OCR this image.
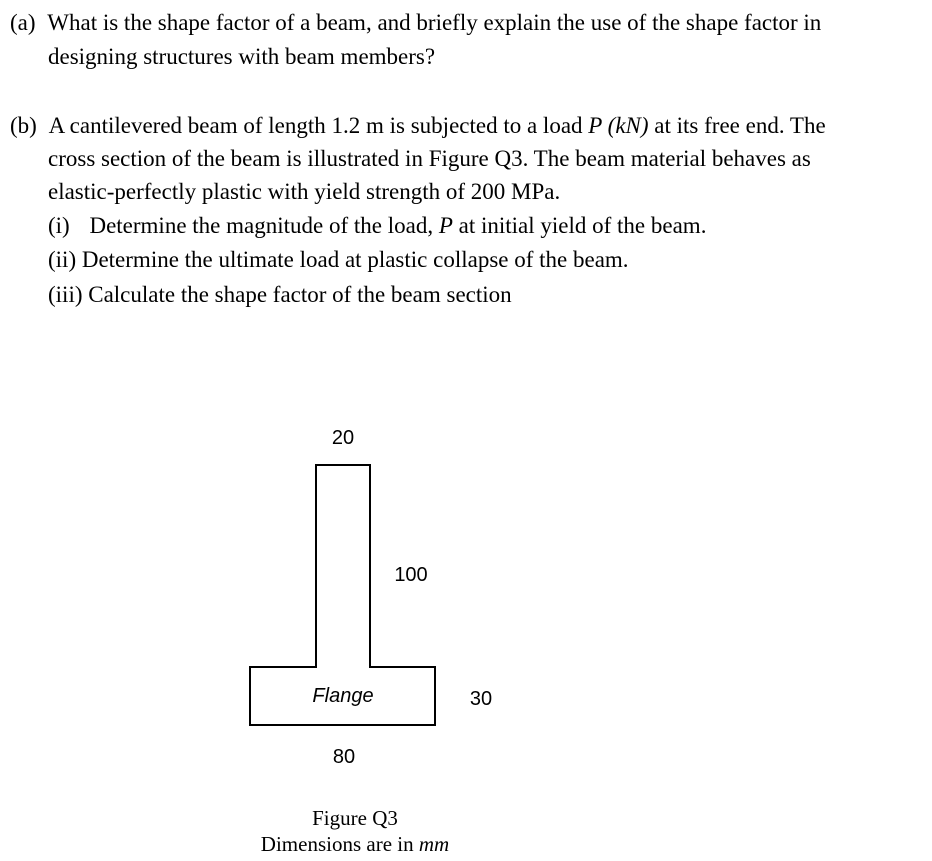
(a) What is the shape factor of a beam, and briefly explain the use of the shape factor in
designing structures with beam members?
(b) A cantilevered beam of length 1.2 m is subjected to a load P (kN) at its free end. The
cross section of the beam is illustrated in Figure Q3. The beam material behaves as
elastic-perfectly plastic with yield strength of 200 MPa.
(i) Determine the magnitude of the load, P at initial yield of the beam.
(ii) Determine the ultimate load at plastic collapse of the beam.
(iii) Calculate the shape factor of the beam section
20
100
Flange	30
80
Figure Q3
Dimensions are in mm
